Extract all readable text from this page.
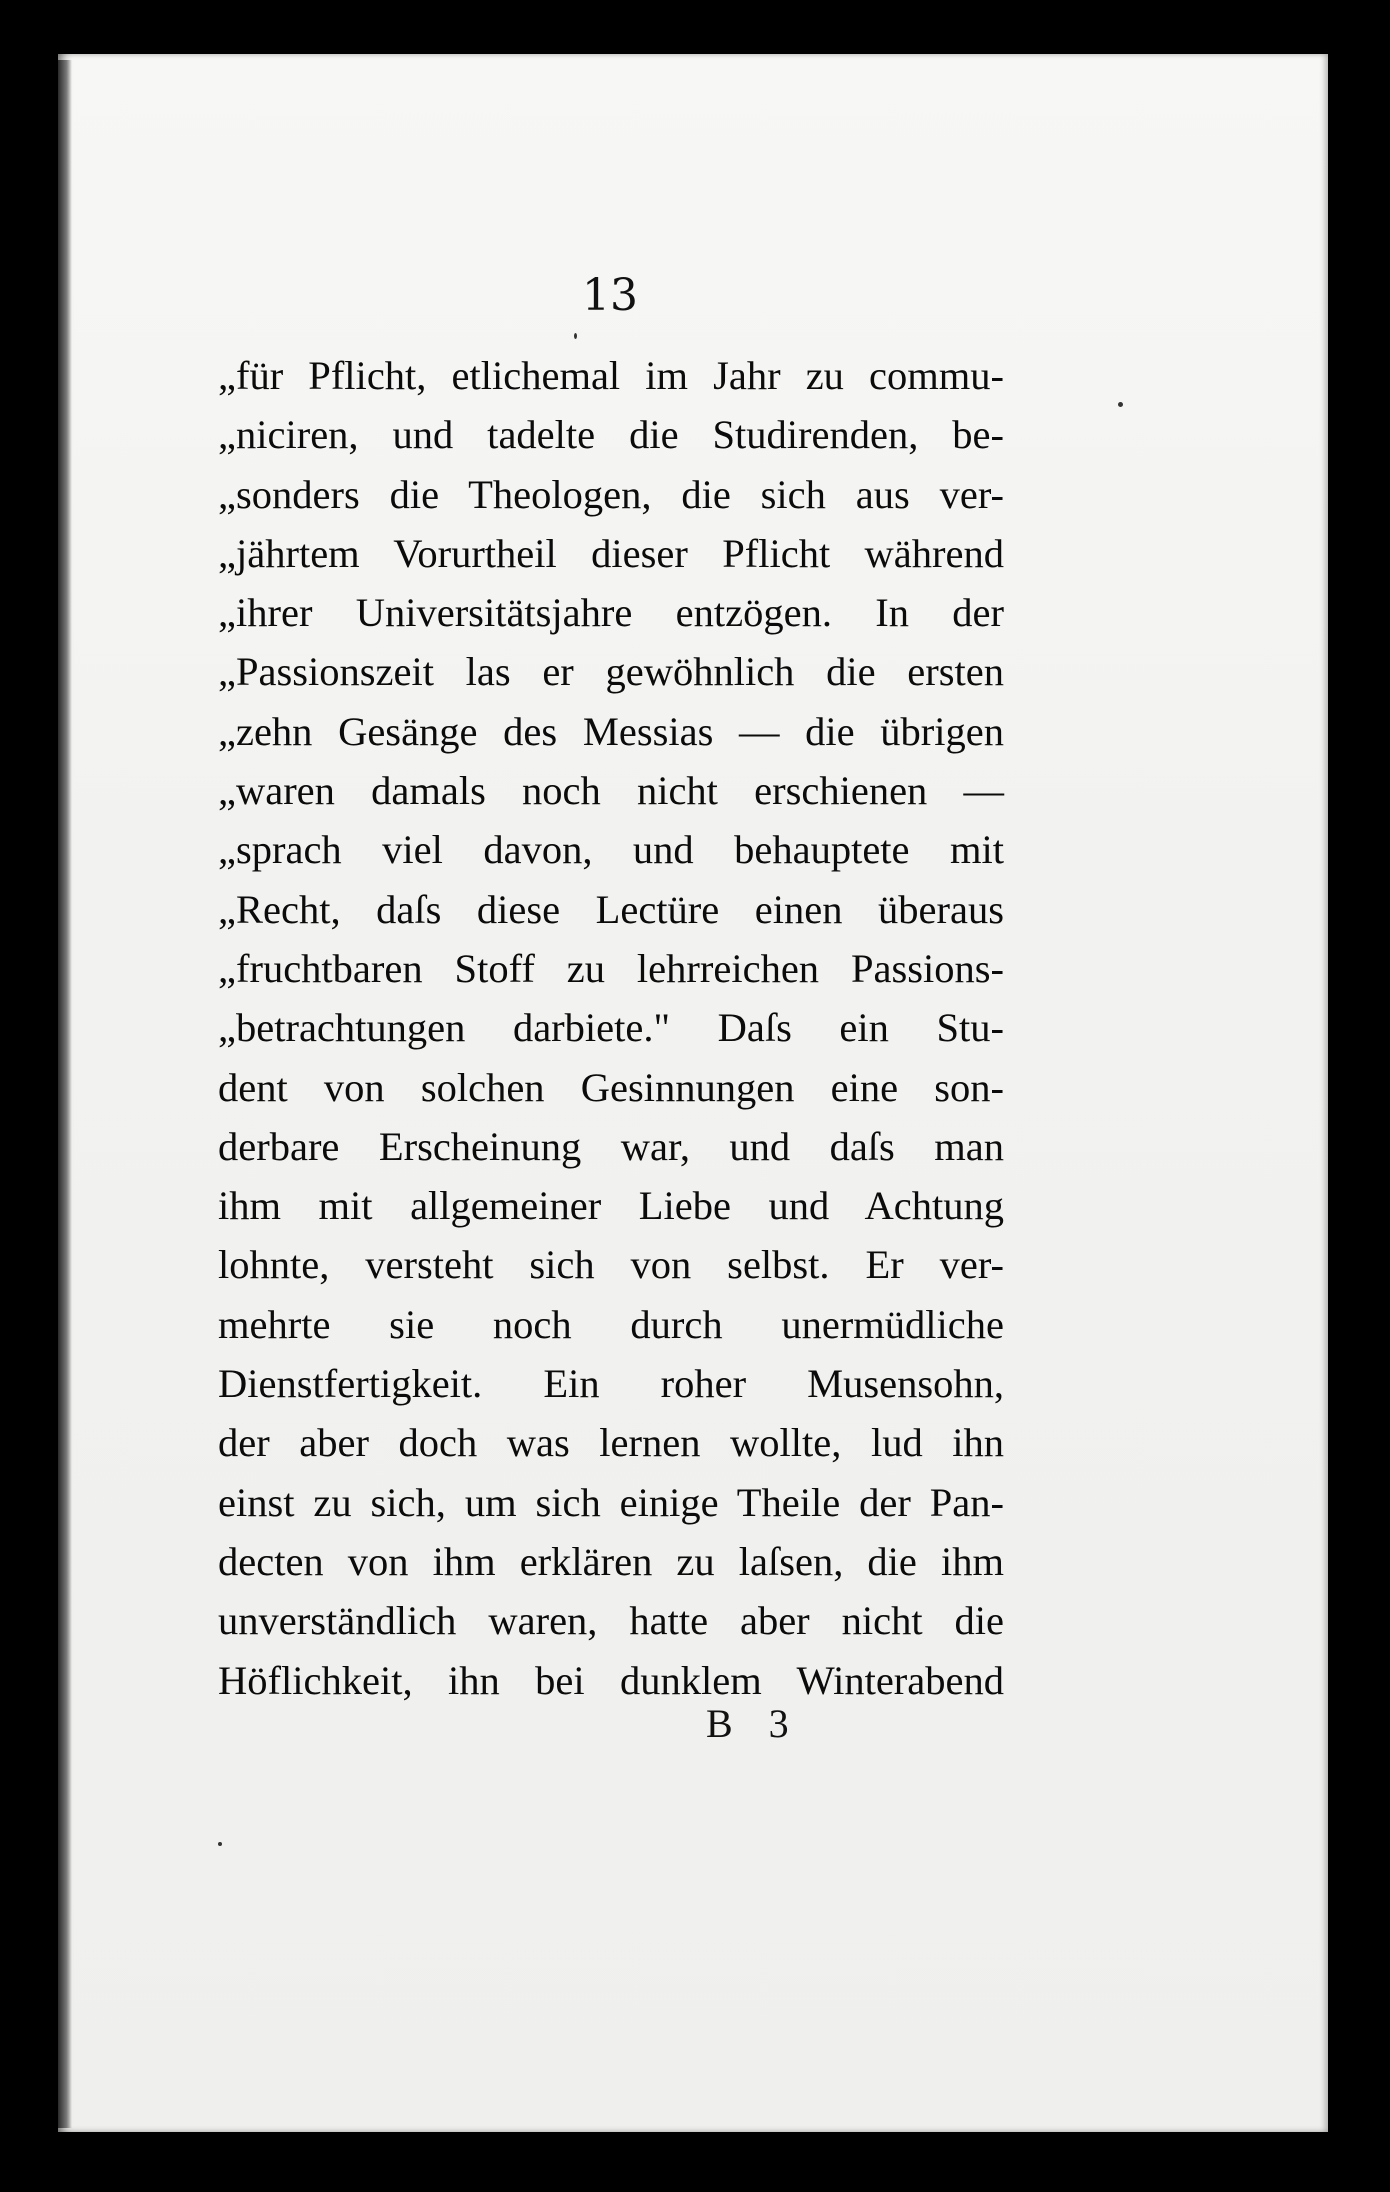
13
„für Pflicht, etlichemal im Jahr zu commu-
„niciren, und tadelte die Studirenden, be-
„sonders die Theologen, die sich aus ver-
„jährtem Vorurtheil dieser Pflicht während
„ihrer Universitätsjahre entzögen. In der
„Passionszeit las er gewöhnlich die ersten
„zehn Gesänge des Messias — die übrigen
„waren damals noch nicht erschienen —
„sprach viel davon, und behauptete mit
„Recht, daſs diese Lectüre einen überaus
„fruchtbaren Stoff zu lehrreichen Passions-
„betrachtungen darbiete." Daſs ein Stu-
dent von solchen Gesinnungen eine son-
derbare Erscheinung war, und daſs man
ihm mit allgemeiner Liebe und Achtung
lohnte, versteht sich von selbst. Er ver-
mehrte sie noch durch unermüdliche
Dienstfertigkeit. Ein roher Musensohn,
der aber doch was lernen wollte, lud ihn
einst zu sich, um sich einige Theile der Pan-
decten von ihm erklären zu laſsen, die ihm
unverständlich waren, hatte aber nicht die
Höflichkeit, ihn bei dunklem Winterabend
B 3
